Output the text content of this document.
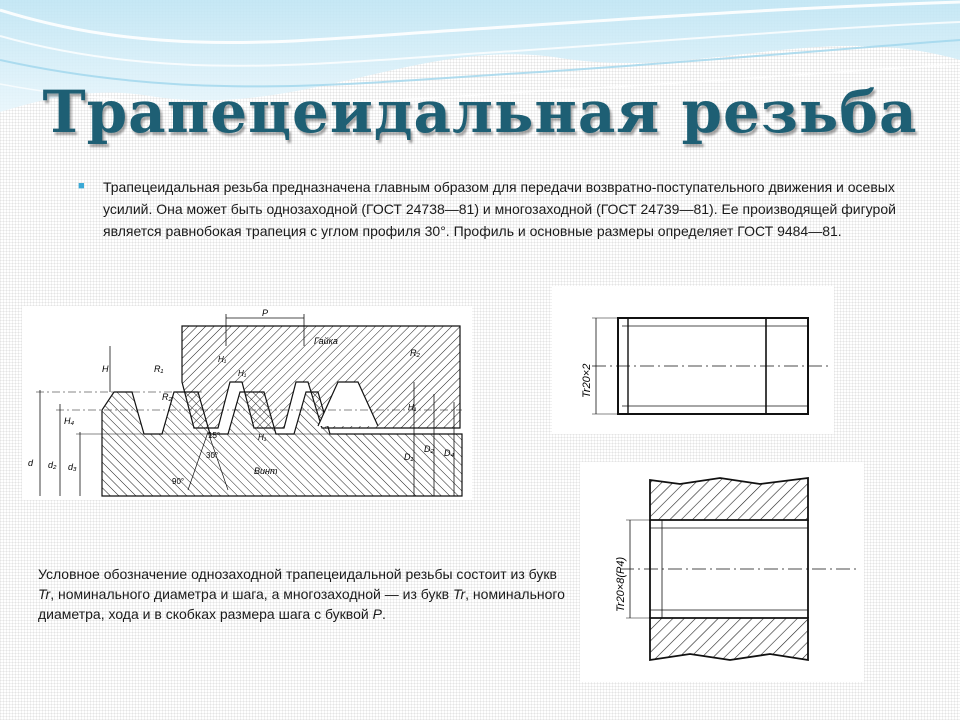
Трапецеидальная резьба
■	Трапецеидальная резьба предназначена главным образом для передачи возвратно-поступательного движения и осевых усилий. Она может быть однозаходной (ГОСТ 24738—81) и многозаходной (ГОСТ 24739—81). Ее производящей фигурой является равнобокая трапеция с углом профиля 30°. Профиль и основные размеры определяет ГОСТ 9484—81.

P
Гайка
Винт
d d₂ d₃
H
H₄
R₁
R₂
R₂
H₁
H₁
H₁
H₁
15°
30°
90°
D₁
D₂ D₄
Tr20×2
Tr20×8(P4)

Условное обозначение однозаходной трапецеидальной резьбы состоит из букв Tr, номинального диаметра и шага, а многозаходной — из букв Tr, номинального диаметра, хода и в скобках размера шага с буквой P.
